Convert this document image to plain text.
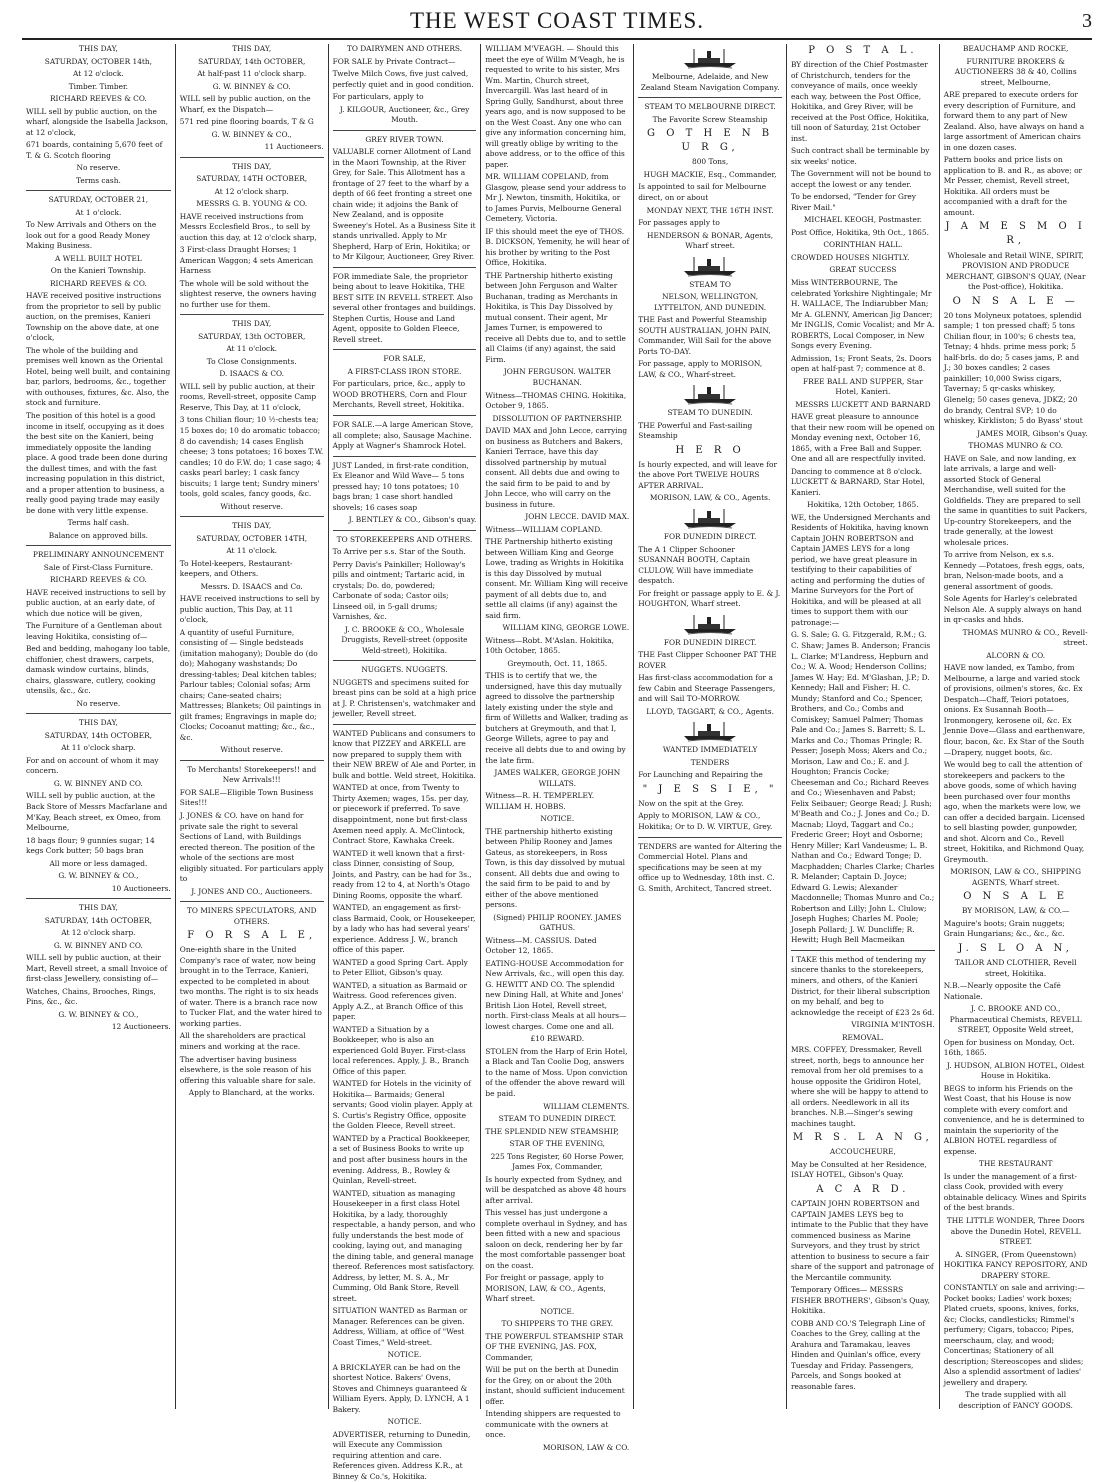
THE WEST COAST TIMES.	3

THIS DAY,

SATURDAY, OCTOBER 14th,

At 12 o'clock.

Timber. Timber.

RICHARD REEVES & CO.

WILL sell by public auction, on the wharf, alongside the Isabella Jackson, at 12 o'clock,

671 boards, containing 5,670 feet of T. & G. Scotch flooring

No reserve.

Terms cash.

SATURDAY, OCTOBER 21,

At 1 o'clock.

To New Arrivals and Others on the look out for a good Ready Money Making Business.

A WELL BUILT HOTEL

On the Kanieri Township.

RICHARD REEVES & CO.

HAVE received positive instructions from the proprietor to sell by public auction, on the premises, Kanieri Township on the above date, at one o'clock,

The whole of the building and premises well known as the Oriental Hotel, being well built, and containing bar, parlors, bedrooms, &c., together with outhouses, fixtures, &c. Also, the stock and furniture.

The position of this hotel is a good income in itself, occupying as it does the best site on the Kanieri, being immediately opposite the landing place. A good trade been done during the dullest times, and with the fast increasing population in this district, and a proper attention to business, a really good paying trade may easily be done with very little expense.

Terms half cash.

Balance on approved bills.

PRELIMINARY ANNOUNCEMENT

Sale of First-Class Furniture.

RICHARD REEVES & CO.

HAVE received instructions to sell by public auction, at an early date, of which due notice will be given,

The Furniture of a Gentleman about leaving Hokitika, consisting of—

Bed and bedding, mahogany loo table, chiffonier, chest drawers, carpets, damask window curtains, blinds, chairs, glassware, cutlery, cooking utensils, &c., &c.

No reserve.

THIS DAY,

SATURDAY, 14th OCTOBER,

At 11 o'clock sharp.

For and on account of whom it may concern.

G. W. BINNEY AND CO.

WILL sell by public auction, at the Back Store of Messrs Macfarlane and M'Kay, Beach street, ex Omeo, from Melbourne,

18 bags flour; 9 gunnies sugar; 14 kegs Cork butter; 50 bags bran

All more or less damaged.

G. W. BINNEY & CO.,

10 Auctioneers.

THIS DAY,

SATURDAY, 14th OCTOBER,

At 12 o'clock sharp.

G. W. BINNEY AND CO.

WILL sell by public auction, at their Mart, Revell street, a small Invoice of first-class Jewellery, consisting of—

Watches, Chains, Brooches, Rings, Pins, &c., &c.

G. W. BINNEY & CO.,

12 Auctioneers.

THIS DAY,

SATURDAY, 14th OCTOBER,

At half-past 11 o'clock sharp.

G. W. BINNEY & CO.

WILL sell by public auction, on the Wharf, ex the Dispatch—

571 red pine flooring boards, T & G

G. W. BINNEY & CO.,

11 Auctioneers.

THIS DAY,

SATURDAY, 14TH OCTOBER,

At 12 o'clock sharp.

MESSRS G. B. YOUNG & CO.

HAVE received instructions from Messrs Ecclesfield Bros., to sell by auction this day, at 12 o'clock sharp,

3 First-class Draught Horses; 1 American Waggon; 4 sets American Harness

The whole will be sold without the slightest reserve, the owners having no further use for them.

THIS DAY,

SATURDAY, 13th OCTOBER,

At 11 o'clock.

To Close Consignments.

D. ISAACS & CO.

WILL sell by public auction, at their rooms, Revell-street, opposite Camp Reserve, This Day, at 11 o'clock,

3 tons Chilian flour; 10 ½-chests tea; 15 boxes do; 10 do aromatic tobacco; 8 do cavendish; 14 cases English cheese; 3 tons potatoes; 16 boxes T.W. candles; 10 do F.W. do; 1 case sago; 4 casks pearl barley; 1 cask fancy biscuits; 1 large tent; Sundry miners' tools, gold scales, fancy goods, &c.

Without reserve.

THIS DAY,

SATURDAY, OCTOBER 14TH,

At 11 o'clock.

To Hotel-keepers, Restaurant-keepers, and Others.

Messrs. D. ISAACS and Co.

HAVE received instructions to sell by public auction, This Day, at 11 o'clock,

A quantity of useful Furniture, consisting of — Single bedsteads (imitation mahogany); Double do (do do); Mahogany washstands; Do dressing-tables; Deal kitchen tables; Parlour tables; Colonial sofas; Arm chairs; Cane-seated chairs; Mattresses; Blankets; Oil paintings in gilt frames; Engravings in maple do; Clocks; Cocoanut matting; &c., &c., &c.

Without reserve.

To Merchants! Storekeepers!! and New Arrivals!!!

FOR SALE—Eligible Town Business Sites!!!

J. JONES & CO. have on hand for private sale the right to several Sections of Land, with Buildings erected thereon. The position of the whole of the sections are most eligibly situated. For particulars apply to

J. JONES AND CO., Auctioneers.

TO MINERS SPECULATORS, AND OTHERS.

F O R S A L E,

One-eighth share in the United Company's race of water, now being brought in to the Terrace, Kanieri, expected to be completed in about two months. The right is to six heads of water. There is a branch race now to Tucker Flat, and the water hired to working parties.

All the shareholders are practical miners and working at the race.

The advertiser having business elsewhere, is the sole reason of his offering this valuable share for sale.

Apply to Blanchard, at the works.

TO DAIRYMEN AND OTHERS.

FOR SALE by Private Contract—

Twelve Milch Cows, five just calved, perfectly quiet and in good condition.

For particulars, apply to

J. KILGOUR, Auctioneer, &c., Grey Mouth.

GREY RIVER TOWN.

VALUABLE corner Allotment of Land in the Maori Township, at the River Grey, for Sale. This Allotment has a frontage of 27 feet to the wharf by a depth of 66 feet fronting a street one chain wide; it adjoins the Bank of New Zealand, and is opposite Sweeney's Hotel. As a Business Site it stands unrivalled. Apply to Mr Shepherd, Harp of Erin, Hokitika; or to Mr Kilgour, Auctioneer, Grey River.

FOR immediate Sale, the proprietor being about to leave Hokitika, THE BEST SITE IN REVELL STREET. Also several other frontages and buildings. Stephen Curtis, House and Land Agent, opposite to Golden Fleece, Revell street.

FOR SALE,

A FIRST-CLASS IRON STORE.

For particulars, price, &c., apply to WOOD BROTHERS, Corn and Flour Merchants, Revell street, Hokitika.

FOR SALE.—A large American Stove, all complete; also, Sausage Machine. Apply at Wagner's Shamrock Hotel.

JUST Landed, in first-rate condition, Ex Eleanor and Wild Wave— 5 tons pressed hay; 10 tons potatoes; 10 bags bran; 1 case short handled shovels; 16 cases soap

J. BENTLEY & CO., Gibson's quay.

TO STOREKEEPERS AND OTHERS.

To Arrive per s.s. Star of the South.

Perry Davis's Painkiller; Holloway's pills and ointment; Tartaric acid, in crystals; Do. do, powdered; Carbonate of soda; Castor oils; Linseed oil, in 5-gall drums; Varnishes, &c.

J. C. BROOKE & CO., Wholesale Druggists, Revell-street (opposite Weld-street), Hokitika.

NUGGETS. NUGGETS.

NUGGETS and specimens suited for breast pins can be sold at a high price at J. P. Christensen's, watchmaker and jeweller, Revell street.

WANTED Publicans and consumers to know that PIZZEY and ARKELL are now prepared to supply them with their NEW BREW of Ale and Porter, in bulk and bottle. Weld street, Hokitika.

WANTED at once, from Twenty to Thirty Axemen; wages, 15s. per day, or piecework if preferred. To save disappointment, none but first-class Axemen need apply. A. McClintock, Contract Store, Kawhaka Creek.

WANTED it well known that a first-class Dinner, consisting of Soup, Joints, and Pastry, can be had for 3s., ready from 12 to 4, at North's Otago Dining Rooms, opposite the wharf.

WANTED, an engagement as first-class Barmaid, Cook, or Housekeeper, by a lady who has had several years' experience. Address J. W., branch office of this paper.

WANTED a good Spring Cart. Apply to Peter Elliot, Gibson's quay.

WANTED, a situation as Barmaid or Waitress. Good references given. Apply A.Z., at Branch Office of this paper.

WANTED a Situation by a Bookkeeper, who is also an experienced Gold Buyer. First-class local references. Apply, J. B., Branch Office of this paper.

WANTED for Hotels in the vicinity of Hokitika— Barmaids; General servants; Good violin player. Apply at S. Curtis's Registry Office, opposite the Golden Fleece, Revell street.

WANTED by a Practical Bookkeeper, a set of Business Books to write up and post after business hours in the evening. Address, B., Rowley & Quinlan, Revell-street.

WANTED, situation as managing Housekeeper in a first class Hotel Hokitika, by a lady, thoroughly respectable, a handy person, and who fully understands the best mode of cooking, laying out, and managing the dining table, and general manage thereof. References most satisfactory. Address, by letter, M. S. A., Mr Cumming, Old Bank Store, Revell street.

SITUATION WANTED as Barman or Manager. References can be given. Address, William, at office of "West Coast Times," Weld-street.

NOTICE.

A BRICKLAYER can be had on the shortest Notice. Bakers' Ovens, Stoves and Chimneys guaranteed & William Eyers. Apply, D. LYNCH, A 1 Bakery.

NOTICE.

ADVERTISER, returning to Dunedin, will Execute any Commission requiring attention and care. References given. Address K.R., at Binney & Co.'s, Hokitika.

WILLIAM M'VEAGH. — Should this meet the eye of Willm M'Veagh, he is requested to write to his sister, Mrs Wm. Martin, Church street, Invercargill. Was last heard of in Spring Gully, Sandhurst, about three years ago, and is now supposed to be on the West Coast. Any one who can give any information concerning him, will greatly oblige by writing to the above address, or to the office of this paper.

MR. WILLIAM COPELAND, from Glasgow, please send your address to Mr J. Newton, tinsmith, Hokitika, or to James Purvis, Melbourne General Cemetery, Victoria.

IF this should meet the eye of THOS. B. DICKSON, Yemenity, he will hear of his brother by writing to the Post Office, Hokitika.

THE Partnership hitherto existing between John Ferguson and Walter Buchanan, trading as Merchants in Hokitika, is This Day Dissolved by mutual consent. Their agent, Mr James Turner, is empowered to receive all Debts due to, and to settle all Claims (if any) against, the said Firm.

JOHN FERGUSON. WALTER BUCHANAN.

Witness—THOMAS CHING. Hokitika, October 9, 1865.

DISSOLUTION OF PARTNERSHIP.

DAVID MAX and John Lecce, carrying on business as Butchers and Bakers, Kanieri Terrace, have this day dissolved partnership by mutual consent. All debts due and owing to the said firm to be paid to and by John Lecce, who will carry on the business in future.

JOHN LECCE. DAVID MAX.

Witness—WILLIAM COPLAND.

THE Partnership hitherto existing between William King and George Lowe, trading as Wrights in Hokitika is this day Dissolved by mutual consent. Mr. William King will receive payment of all debts due to, and settle all claims (if any) against the said firm.

WILLIAM KING, GEORGE LOWE.

Witness—Robt. M'Aslan. Hokitika, 10th October, 1865.

Greymouth, Oct. 11, 1865.

THIS is to certify that we, the undersigned, have this day mutually agreed to dissolve the partnership lately existing under the style and firm of Willetts and Walker, trading as butchers at Greymouth, and that I, George Willets, agree to pay and receive all debts due to and owing by the late firm.

JAMES WALKER, GEORGE JOHN WILLATS.

Witness—R. H. TEMPERLEY. WILLIAM H. HOBBS.

NOTICE.

THE partnership hitherto existing between Philip Rooney and James Gateus, as storekeepers, in Ross Town, is this day dissolved by mutual consent. All debts due and owing to the said firm to be paid to and by either of the above mentioned persons.

(Signed) PHILIP ROONEY. JAMES GATHUS.

Witness—M. CASSIUS. Dated October 12, 1865.

EATING-HOUSE Accommodation for New Arrivals, &c., will open this day. G. HEWITT AND CO. The splendid new Dining Hall, at White and Jones' British Lion Hotel, Revell street, north. First-class Meals at all hours—lowest charges. Come one and all.

£10 REWARD.

STOLEN from the Harp of Erin Hotel, a Black and Tan Coolie Dog, answers to the name of Moss. Upon conviction of the offender the above reward will be paid.

WILLIAM CLEMENTS.

STEAM TO DUNEDIN DIRECT.

THE SPLENDID NEW STEAMSHIP,

STAR OF THE EVENING,

225 Tons Register, 60 Horse Power, James Fox, Commander,

Is hourly expected from Sydney, and will be despatched as above 48 hours after arrival.

This vessel has just undergone a complete overhaul in Sydney, and has been fitted with a new and spacious saloon on deck, rendering her by far the most comfortable passenger boat on the coast.

For freight or passage, apply to MORISON, LAW, & CO., Agents, Wharf street.

NOTICE.

TO SHIPPERS TO THE GREY.

THE POWERFUL STEAMSHIP STAR OF THE EVENING, JAS. FOX, Commander,

Will be put on the berth at Dunedin for the Grey, on or about the 20th instant, should sufficient inducement offer.

Intending shippers are requested to communicate with the owners at once.

MORISON, LAW & CO.

Melbourne, Adelaide, and New Zealand Steam Navigation Company.

STEAM TO MELBOURNE DIRECT.

The Favorite Screw Steamship

G O T H E N B U R G,

800 Tons,

HUGH MACKIE, Esq., Commander,

Is appointed to sail for Melbourne direct, on or about

MONDAY NEXT, THE 16TH INST.

For passages apply to

HENDERSON & BONAR, Agents, Wharf street.

STEAM TO

NELSON, WELLINGTON, LYTTELTON, AND DUNEDIN.

THE Fast and Powerful Steamship SOUTH AUSTRALIAN, JOHN PAIN, Commander, Will Sail for the above Ports TO-DAY.

For passage, apply to MORISON, LAW, & CO., Wharf-street.

STEAM TO DUNEDIN.

THE Powerful and Fast-sailing Steamship

H E R O

Is hourly expected, and will leave for the above Port TWELVE HOURS AFTER ARRIVAL.

MORISON, LAW, & CO., Agents.

FOR DUNEDIN DIRECT.

The A 1 Clipper Schooner SUSANNAH BOOTH, Captain CLULOW, Will have immediate despatch.

For freight or passage apply to E. & J. HOUGHTON, Wharf street.

FOR DUNEDIN DIRECT.

THE Fast Clipper Schooner PAT THE ROVER

Has first-class accommodation for a few Cabin and Steerage Passengers, and will Sail TO-MORROW.

LLOYD, TAGGART, & CO., Agents.

WANTED IMMEDIATELY

TENDERS

For Launching and Repairing the

" J E S S I E, "

Now on the spit at the Grey.

Apply to MORISON, LAW & CO., Hokitika; Or to D. W. VIRTUE, Grey.

TENDERS are wanted for Altering the Commercial Hotel. Plans and specifications may be seen at my office up to Wednesday, 18th inst. C. G. Smith, Architect, Tancred street.

P O S T A L.

BY direction of the Chief Postmaster of Christchurch, tenders for the conveyance of mails, once weekly each way, between the Post Office, Hokitika, and Grey River, will be received at the Post Office, Hokitika, till noon of Saturday, 21st October inst.

Such contract shall be terminable by six weeks' notice.

The Government will not be bound to accept the lowest or any tender.

To be endorsed, "Tender for Grey River Mail."

MICHAEL KEOGH, Postmaster.

Post Office, Hokitika, 9th Oct., 1865.

CORINTHIAN HALL.

CROWDED HOUSES NIGHTLY.

GREAT SUCCESS

Miss WINTERBOURNE, The celebrated Yorkshire Nightingale; Mr H. WALLACE, The Indiarubber Man; Mr A. GLENNY, American Jig Dancer; Mr INGLIS, Comic Vocalist; and Mr A. ROBERTS, Local Composer, in New Songs every Evening.

Admission, 1s; Front Seats, 2s. Doors open at half-past 7; commence at 8.

FREE BALL AND SUPPER, Star Hotel, Kanieri.

MESSRS LUCKETT AND BARNARD

HAVE great pleasure to announce that their new room will be opened on Monday evening next, October 16, 1865, with a Free Ball and Supper. One and all are respectfully invited.

Dancing to commence at 8 o'clock. LUCKETT & BARNARD, Star Hotel, Kanieri.

Hokitika, 12th October, 1865.

WE, the Undersigned Merchants and Residents of Hokitika, having known Captain JOHN ROBERTSON and Captain JAMES LEYS for a long period, we have great pleasure in testifying to their capabilities of acting and performing the duties of Marine Surveyors for the Port of Hokitika, and will be pleased at all times to support them with our patronage:—

G. S. Sale; G. G. Fitzgerald, R.M.; G. C. Shaw; James B. Anderson; Francis L. Clarke; M'Landress, Hepburn and Co.; W. A. Wood; Henderson Collins; James W. Hay; Ed. M'Glashan, J.P.; D. Kennedy; Hall and Fisher; H. C. Mundy; Stanford and Co.; Spencer, Brothers, and Co.; Combs and Comiskey; Samuel Palmer; Thomas Pale and Co.; James S. Barrett; S. L. Marks and Co.; Thomas Pringle; R. Pesser; Joseph Moss; Akers and Co.; Morison, Law and Co.; E. and J. Houghton; Francis Cocke; Cheeseman and Co.; Richard Reeves and Co.; Wiesenhaven and Pabst; Felix Seibauer; George Read; J. Rush; M'Beath and Co.; J. Jones and Co.; D. Macnab; Lloyd, Taggart and Co.; Frederic Greer; Hoyt and Osborne; Henry Miller; Karl Vandeusme; L. B. Nathan and Co.; Edward Tonge; D. Macphadden; Charles Clarke; Charles R. Melander; Captain D. Joyce; Edward G. Lewis; Alexander Macdonnelle; Thomas Munro and Co.; Robertson and Lilly; John L. Clulow; Joseph Hughes; Charles M. Poole; Joseph Pollard; J. W. Duncliffe; R. Hewitt; Hugh Bell Macmeikan

I TAKE this method of tendering my sincere thanks to the storekeepers, miners, and others, of the Kanieri District, for their liberal subscription on my behalf, and beg to acknowledge the receipt of £23 2s 6d.

VIRGINIA M'INTOSH.

REMOVAL.

MRS. COFFEY, Dressmaker, Revell street, north, begs to announce her removal from her old premises to a house opposite the Gridiron Hotel, where she will be happy to attend to all orders. Needlework in all its branches. N.B.—Singer's sewing machines taught.

M R S. L A N G,

ACCOUCHEURE,

May be Consulted at her Residence, ISLAY HOTEL, Gibson's Quay.

A C A R D.

CAPTAIN JOHN ROBERTSON and CAPTAIN JAMES LEYS beg to intimate to the Public that they have commenced business as Marine Surveyors, and they trust by strict attention to business to secure a fair share of the support and patronage of the Mercantile community.

Temporary Offices— MESSRS FISHER BROTHERS', Gibson's Quay, Hokitika.

COBB AND CO.'S Telegraph Line of Coaches to the Grey, calling at the Arahura and Taramakau, leaves Hinden and Quinlan's office, every Tuesday and Friday. Passengers, Parcels, and Songs booked at reasonable fares.

BEAUCHAMP AND ROCKE,

FURNITURE BROKERS & AUCTIONEERS 38 & 40, Collins street, Melbourne,

ARE prepared to execute orders for every description of Furniture, and forward them to any part of New Zealand. Also, have always on hand a large assortment of American chairs in one dozen cases.

Pattern books and price lists on application to B. and R., as above; or Mr Pesser, chemist, Revell street, Hokitika. All orders must be accompanied with a draft for the amount.

J A M E S M O I R,

Wholesale and Retail WINE, SPIRIT, PROVISION AND PRODUCE MERCHANT, GIBSON'S QUAY, (Near the Post-office), Hokitika.

O N S A L E —

20 tons Molyneux potatoes, splendid sample; 1 ton pressed chaff; 5 tons Chilian flour, in 100's; 6 chests tea, Tetnay; 4 hhds. prime mess pork; 5 half-brls. do do; 5 cases jams, P. and J.; 30 boxes candles; 2 cases painkiller; 10,000 Swiss cigars, Tavernay; 5 qr-casks whiskey, Glenelg; 50 cases geneva, JDKZ; 20 do brandy, Central SVP; 10 do whiskey, Kirkliston; 5 do Byass' stout

JAMES MOIR, Gibson's Quay.

THOMAS MUNRO & CO.

HAVE on Sale, and now landing, ex late arrivals, a large and well-assorted Stock of General Merchandise, well suited for the Goldfields. They are prepared to sell the same in quantities to suit Packers, Up-country Storekeepers, and the trade generally, at the lowest wholesale prices.

To arrive from Nelson, ex s.s. Kennedy —Potatoes, fresh eggs, oats, bran, Nelson-made boots, and a general assortment of goods.

Sole Agents for Harley's celebrated Nelson Ale. A supply always on hand in qr-casks and hhds.

THOMAS MUNRO & CO., Revell-street.

ALCORN & CO.

HAVE now landed, ex Tambo, from Melbourne, a large and varied stock of provisions, oilmen's stores, &c. Ex Despatch—Chaff, Teiori potatoes, onions. Ex Susannah Booth—Ironmongery, kerosene oil, &c. Ex Jennie Dove—Glass and earthenware, flour, bacon, &c. Ex Star of the South—Drapery, nugget boots, &c.

We would beg to call the attention of storekeepers and packers to the above goods, some of which having been purchased over four months ago, when the markets were low, we can offer a decided bargain. Licensed to sell blasting powder, gunpowder, and shot. Alcorn and Co., Revell street, Hokitika, and Richmond Quay, Greymouth.

MORISON, LAW & CO., SHIPPING AGENTS, Wharf street.

O N S A L E

BY MORISON, LAW, & CO.—

Maguire's boots; Grain nuggets; Grain Hungarians; &c., &c., &c.

J. S L O A N,

TAILOR AND CLOTHIER, Revell street, Hokitika.

N.B.—Nearly opposite the Café Nationale.

J. C. BROOKE AND CO., Pharmaceutical Chemists, REVELL STREET, Opposite Weld street,

Open for business on Monday, Oct. 16th, 1865.

J. HUDSON, ALBION HOTEL, Oldest House in Hokitika.

BEGS to inform his Friends on the West Coast, that his House is now complete with every comfort and convenience, and he is determined to maintain the superiority of the ALBION HOTEL regardless of expense.

THE RESTAURANT

Is under the management of a first-class Cook, provided with every obtainable delicacy. Wines and Spirits of the best brands.

THE LITTLE WONDER, Three Doors above the Dunedin Hotel, REVELL STREET.

A. SINGER, (From Queenstown) HOKITIKA FANCY REPOSITORY, AND DRAPERY STORE.

CONSTANTLY on sale and arriving:— Pocket books; Ladies' work boxes; Plated cruets, spoons, knives, forks, &c; Clocks, candlesticks; Rimmel's perfumery; Cigars, tobacco; Pipes, meerschaum, clay, and wood; Concertinas; Stationery of all description; Stereoscopes and slides; Also a splendid assortment of ladies' jewellery and drapery.

The trade supplied with all description of FANCY GOODS.
